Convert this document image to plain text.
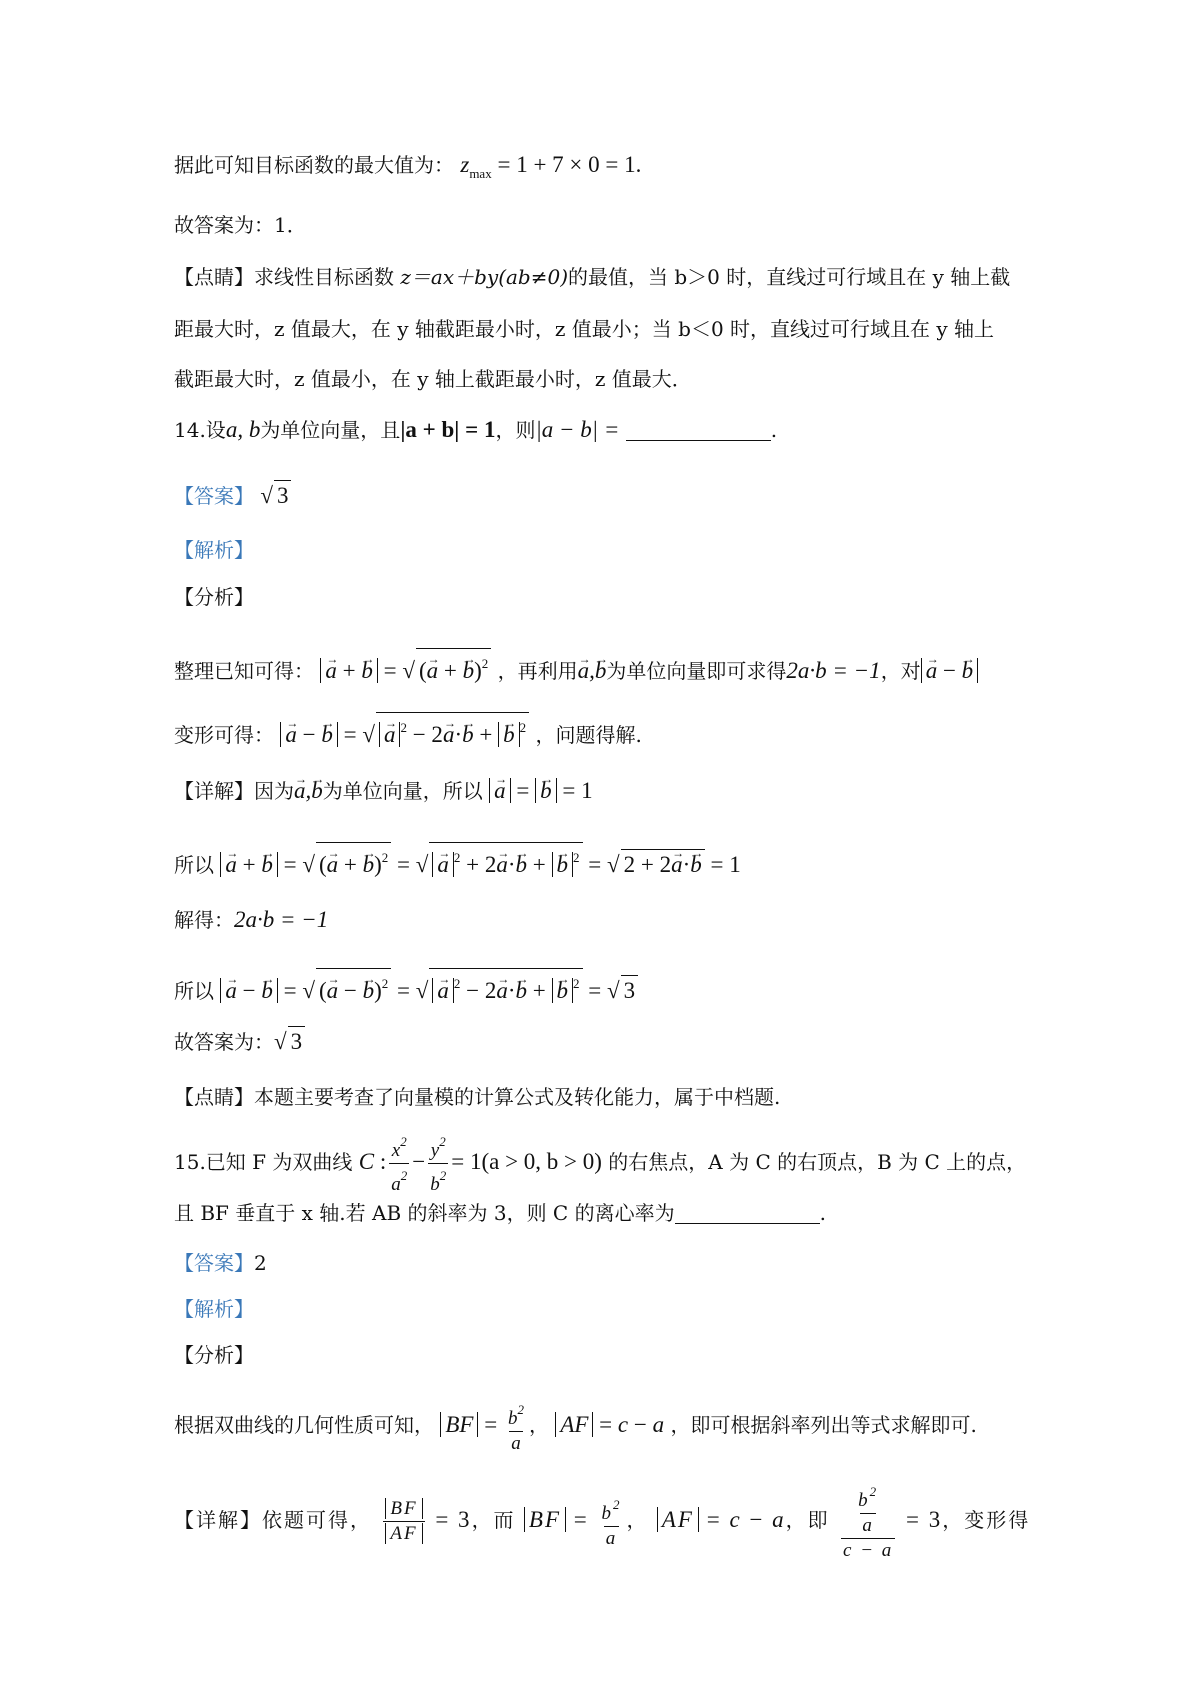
据此可知目标函数的最大值为： $z_{max} = 1 + 7 \times 0 = 1$.
故答案为：1．
【点睛】求线性目标函数 z＝ax＋by(ab≠0)的最值，当 b＞0 时，直线过可行域且在 y 轴上截
距最大时，z 值最大，在 y 轴截距最小时，z 值最小；当 b＜0 时，直线过可行域且在 y 轴上
截距最大时，z 值最小，在 y 轴上截距最小时，z 值最大．
14.设a, b为单位向量，且|a + b| = 1，则|a − b| =	.
【答案】 √ 3
【解析】
【分析】
整理已知可得： → a + → b = √ (→ a + → b)$^2$ ，再利用→ a,→ b为单位向量即可求得2a·b = −1，对 → a − → b
变形可得： → a − → b = √ → a $^2$ − 2→ a·→ b + → b $^2$ ，问题得解.
【详解】因为→ a,→ b为单位向量，所以 → a = → b = 1
所以 → a + → b = √ (→ a + → b)$^2$ = √ → a $^2$ + 2→ a·→ b + → b $^2$ = √ 2 + 2→ a·→ b = 1
解得：2a·b = −1
所以 → a − → b = √ (→ a − → b)$^2$ = √ → a $^2$ − 2→ a·→ b + → b $^2$ = √ 3
故答案为：√ 3
【点睛】本题主要考查了向量模的计算公式及转化能力，属于中档题.
15.已知 F 为双曲线 C : $\frac{x^2}{a^2} - \frac{y^2}{b^2} = 1(a > 0$, b > 0) 的右焦点，A 为 C 的右顶点，B 为 C 上的点，
且 BF 垂直于 x 轴.若 AB 的斜率为 3，则 C 的离心率为	.
【答案】2
【解析】
【分析】
根据双曲线的几何性质可知， BF = $\frac{b^2}{a}$ ， AF = c − a ，即可根据斜率列出等式求解即可.
【详解】依题可得， $\frac{BF}{AF} = 3$，而 BF = $\frac{b^2}{a}$ ， AF = c − a，即 $\frac{\frac{b^2}{a}}{c - a} = 3$，变形得
